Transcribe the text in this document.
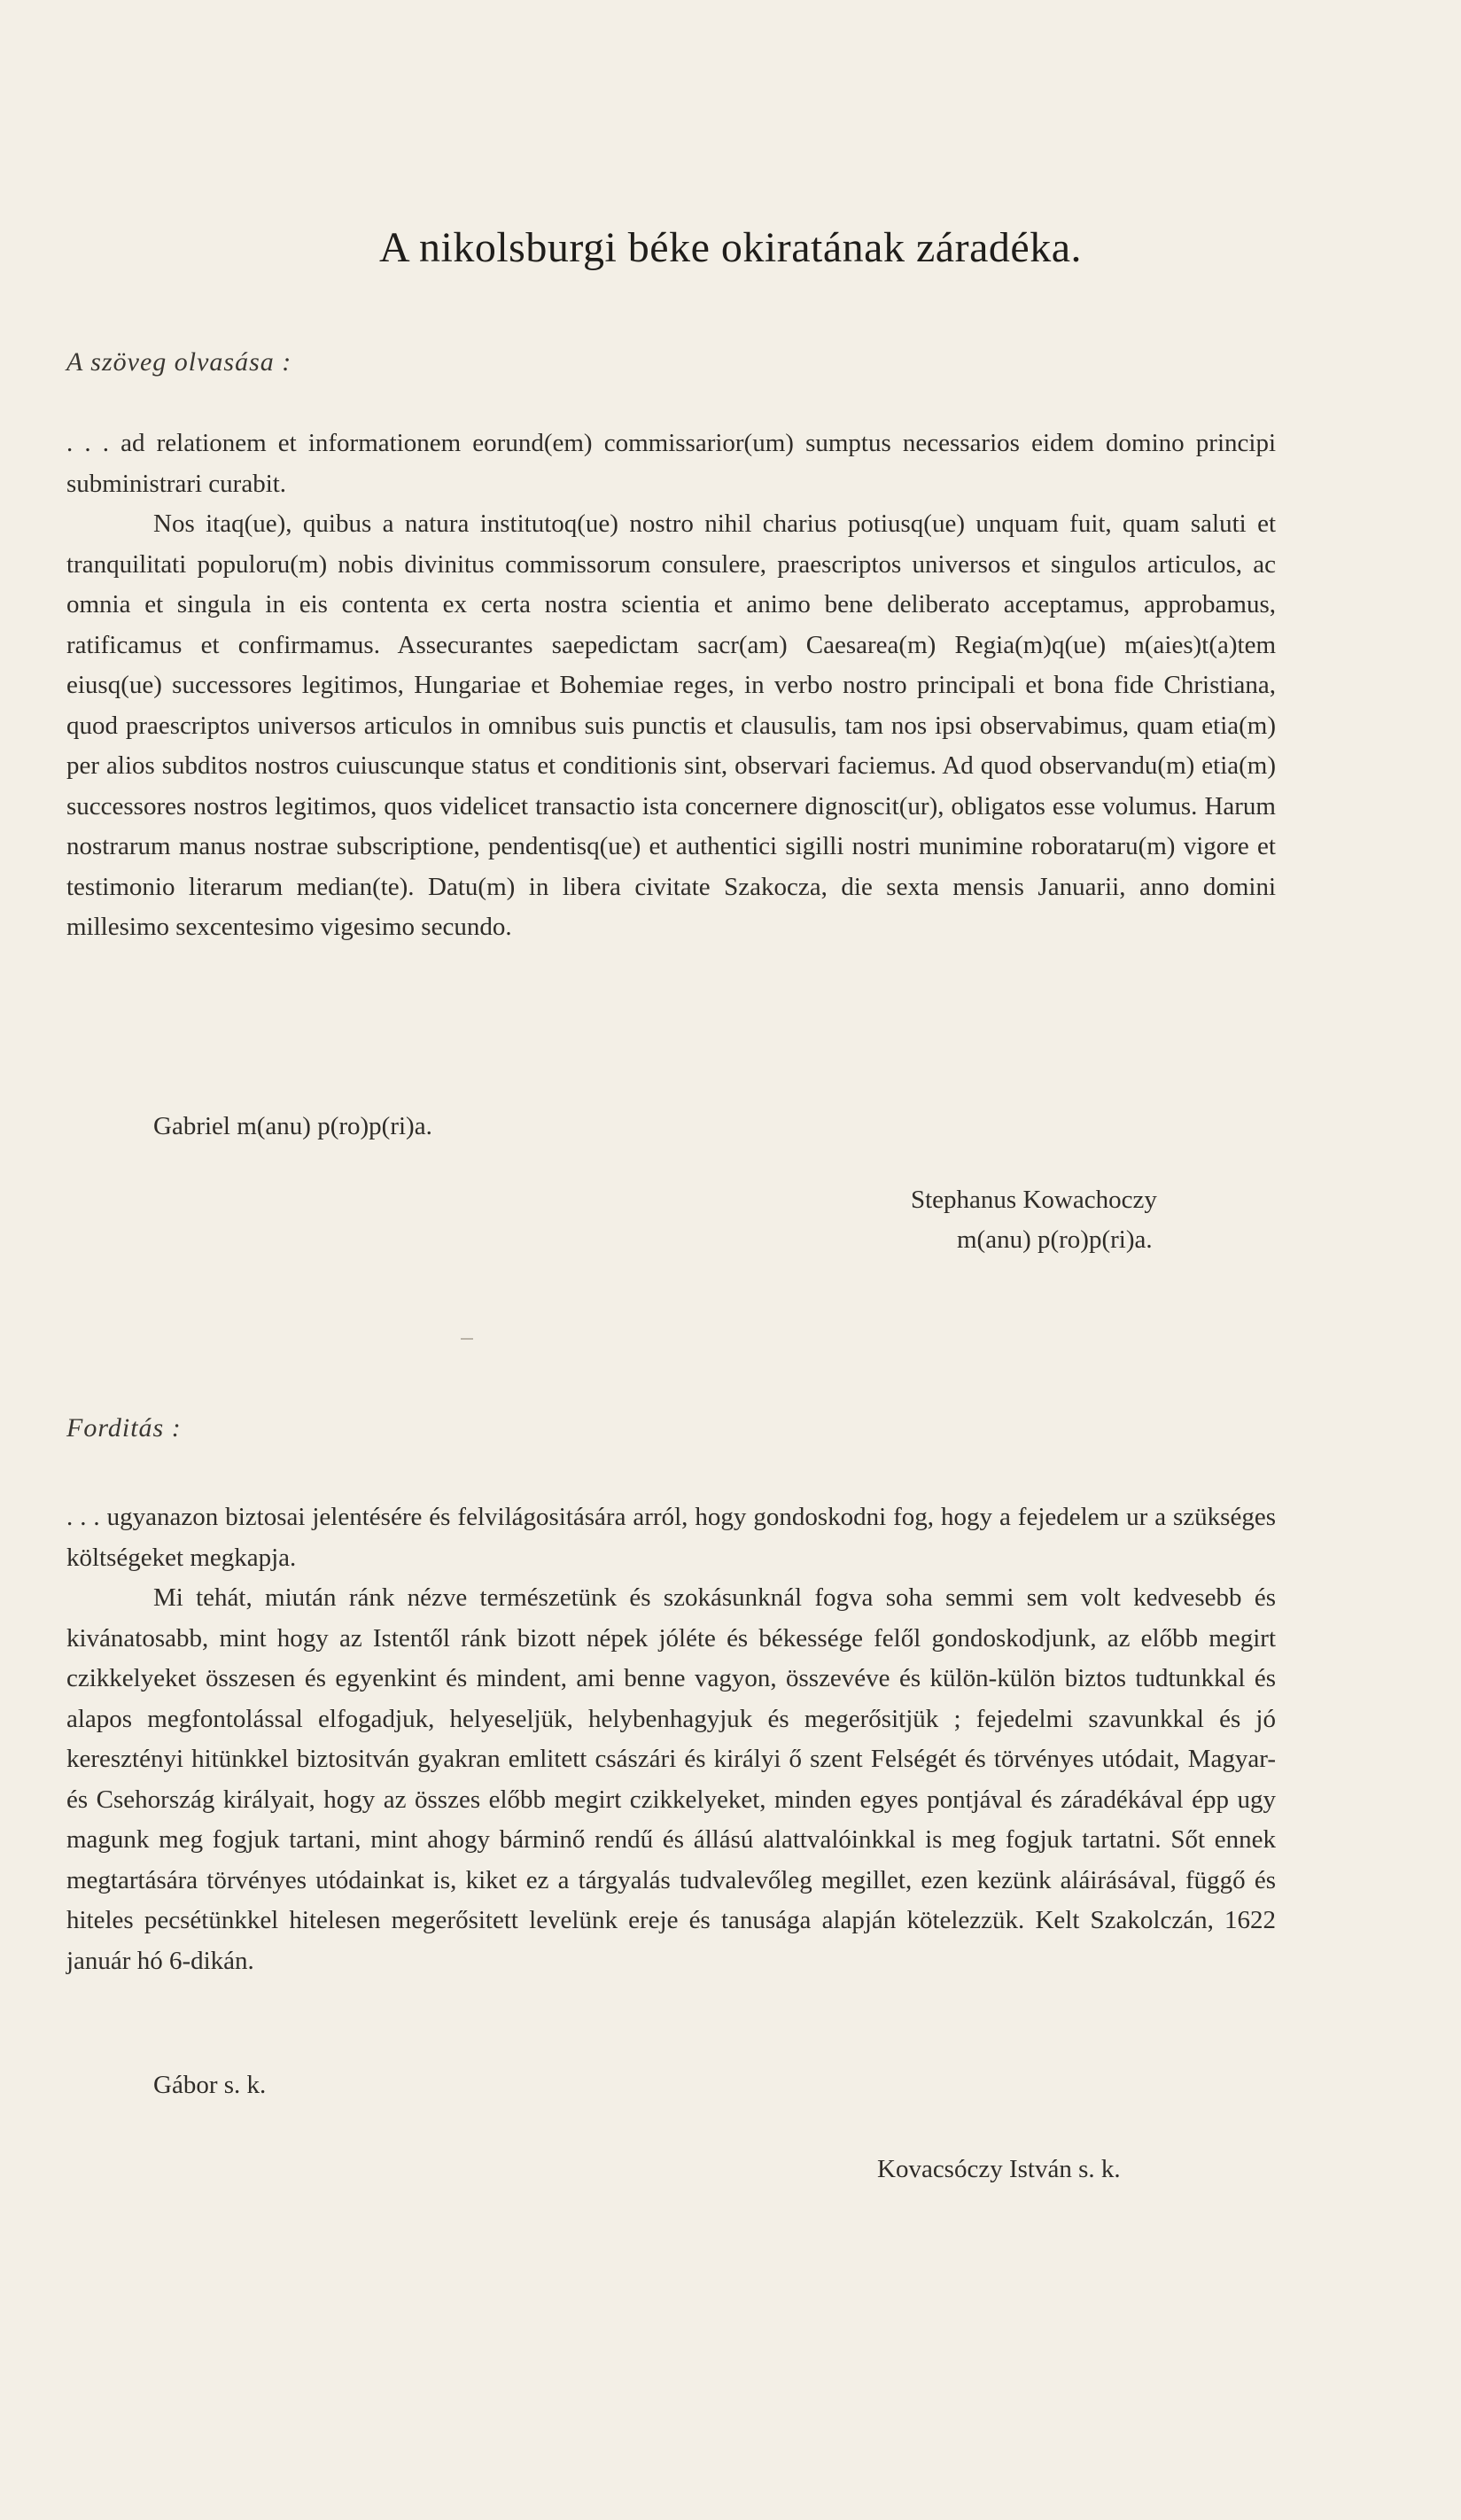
A nikolsburgi béke okiratának záradéka.
A szöveg olvasása :

. . . ad relationem et informationem eorund(em) commissarior(um) sumptus necessarios eidem domino principi subministrari curabit.

Nos itaq(ue), quibus a natura institutoq(ue) nostro nihil charius potiusq(ue) unquam fuit, quam saluti et tranquilitati populoru(m) nobis divinitus commissorum consulere, praescriptos universos et singulos articulos, ac omnia et singula in eis contenta ex certa nostra scientia et animo bene deliberato acceptamus, approbamus, ratificamus et confirmamus. Assecurantes saepedictam sacr(am) Caesarea(m) Regia(m)q(ue) m(aies)t(a)tem eiusq(ue) successores legitimos, Hungariae et Bohemiae reges, in verbo nostro principali et bona fide Christiana, quod praescriptos universos articulos in omnibus suis punctis et clausulis, tam nos ipsi observabimus, quam etia(m) per alios subditos nostros cuiuscunque status et conditionis sint, observari faciemus. Ad quod observandu(m) etia(m) successores nostros legitimos, quos videlicet transactio ista concernere dignoscit(ur), obligatos esse volumus. Harum nostrarum manus nostrae subscriptione, pendentisq(ue) et authentici sigilli nostri munimine roborataru(m) vigore et testimonio literarum median(te). Datu(m) in libera civitate Szakocza, die sexta mensis Januarii, anno domini millesimo sexcentesimo vigesimo secundo.

Gabriel m(anu) p(ro)p(ri)a.
Stephanus Kowachoczy
m(anu) p(ro)p(ri)a.
Forditás :

. . . ugyanazon biztosai jelentésére és felvilágositására arról, hogy gondoskodni fog, hogy a fejedelem ur a szükséges költségeket megkapja.

Mi tehát, miután ránk nézve természetünk és szokásunknál fogva soha semmi sem volt kedvesebb és kivánatosabb, mint hogy az Istentől ránk bizott népek jóléte és békessége felől gondoskodjunk, az előbb megirt czikkelyeket összesen és egyenkint és mindent, ami benne vagyon, összevéve és külön-külön biztos tudtunkkal és alapos megfontolással elfogadjuk, helyeseljük, helybenhagyjuk és megerősitjük ; fejedelmi szavunkkal és jó keresztényi hitünkkel biztositván gyakran emlitett császári és királyi ő szent Felségét és törvényes utódait, Magyar- és Csehország királyait, hogy az összes előbb megirt czikkelyeket, minden egyes pontjával és záradékával épp ugy magunk meg fogjuk tartani, mint ahogy bárminő rendű és állású alattvalóinkkal is meg fogjuk tartatni. Sőt ennek megtartására törvényes utódainkat is, kiket ez a tárgyalás tudvalevőleg megillet, ezen kezünk aláirásával, függő és hiteles pecsétünkkel hitelesen megerősitett levelünk ereje és tanusága alapján kötelezzük. Kelt Szakolczán, 1622 január hó 6-dikán.

Gábor s. k.
Kovacsóczy István s. k.
